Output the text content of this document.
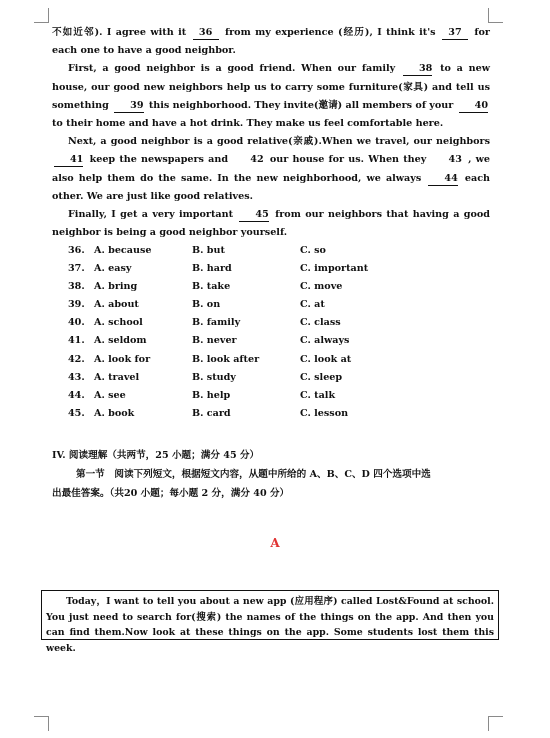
不如近邻). I agree with it 36 from my experience (经历), I think it's 37 for each one to have a good neighbor.

First, a good neighbor is a good friend. When our family 38 to a new house, our good new neighbors help us to carry some furniture(家具) and tell us something 39 this neighborhood. They invite(邀请) all members of your 40 to their home and have a hot drink. They make us feel comfortable here.

Next, a good neighbor is a good relative(亲戚).When we travel, our neighbors 41 keep the newspapers and 42 our house for us. When they 43 , we also help them do the same. In the new neighborhood, we always 44 each other. We are just like good relatives.

Finally, I get a very important 45 from our neighbors that having a good neighbor is being a good neighbor yourself.

36. A. because	B. but	C. so
37. A. easy	B. hard	C. important
38. A. bring	B. take	C. move
39. A. about	B. on	C. at
40. A. school	B. family	C. class
41. A. seldom	B. never	C. always
42. A. look for	B. look after	C. look at
43. A. travel	B. study	C. sleep
44. A. see	B. help	C. talk
45. A. book	B. card	C. lesson

IV. 阅读理解（共两节，25 小题；满分 45 分）

第一节　阅读下列短文，根据短文内容，从题中所给的 A、B、C、D 四个选项中选

出最佳答案。（共20 小题；每小题 2 分，满分 40 分）

A

Today，I want to tell you about a new app (应用程序) called Lost&Found at school. You just need to search for(搜索) the names of the things on the app. And then you can find them.Now look at these things on the app. Some students lost them this week.
